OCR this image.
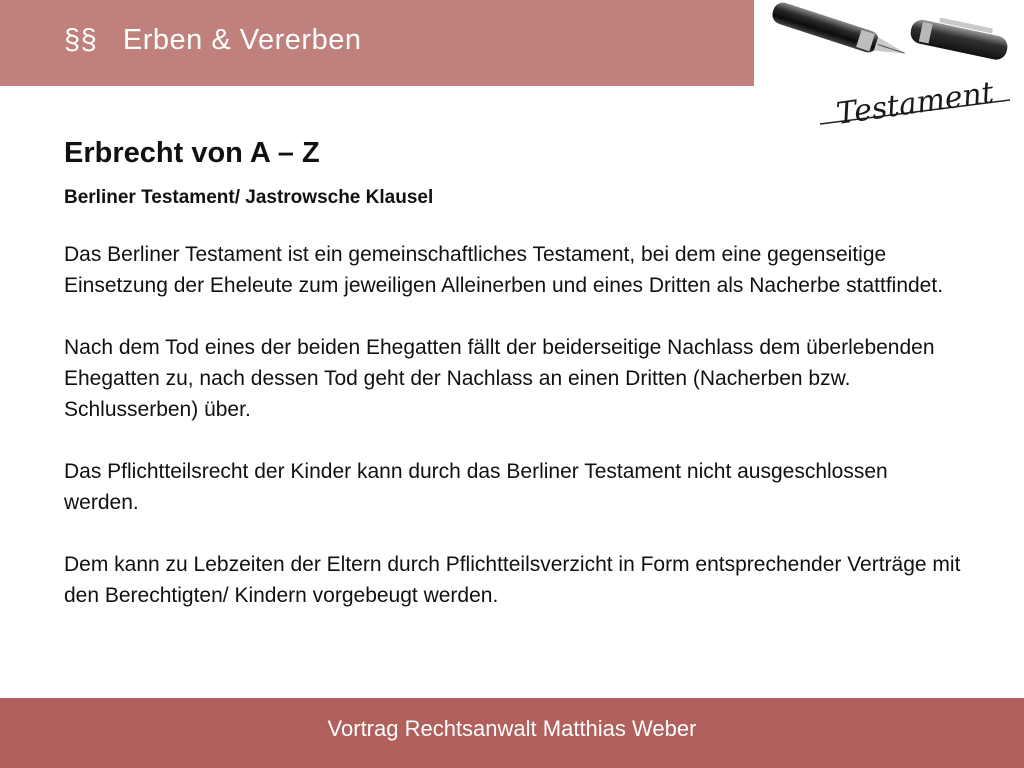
§§   Erben & Vererben
Testament
Erbrecht von A – Z
Berliner Testament/ Jastrowsche Klausel
Das Berliner Testament ist ein gemeinschaftliches Testament, bei dem eine gegenseitige Einsetzung der Eheleute zum jeweiligen Alleinerben und eines Dritten als Nacherbe stattfindet.
Nach dem Tod eines der beiden Ehegatten fällt der beiderseitige Nachlass dem überlebenden Ehegatten zu, nach dessen Tod geht der Nachlass an einen Dritten (Nacherben bzw. Schlusserben) über.
Das Pflichtteilsrecht der Kinder kann durch das Berliner Testament nicht ausgeschlossen werden.
Dem kann zu Lebzeiten der Eltern durch Pflichtteilsverzicht in Form entsprechender Verträge mit den Berechtigten/ Kindern vorgebeugt werden.
Vortrag Rechtsanwalt Matthias Weber
